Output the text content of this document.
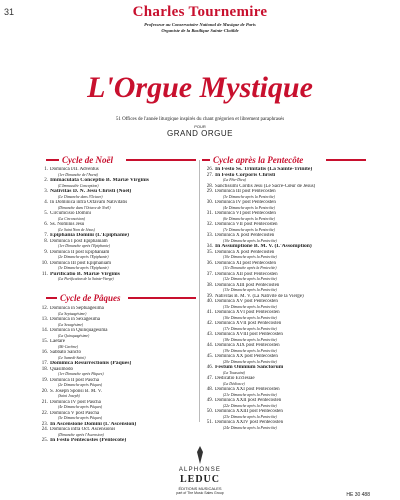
31	Charles Tournemire
Professeur au Conservatoire National de Musique de Paris
Organiste de la Basilique Sainte-Clotilde
L'Orgue Mystique
51 Offices de l'année liturgique inspirés du chant grégorien et librement paraphrasés
POUR
GRAND ORGUE
Cycle de Noël
1. Dominica I/II. Adventus
(1er Dimanche de l'Avent)
2. Immaculata Conceptio B. Mariæ Virginis
(L'Immaculée Conception)
3. Nativitas D. N. Jesu Christi (Noël)
(Le Dimanche dans l'Octave)
4. In Dominica infra Octavam Nativitatis
(Dimanche dans l'Octave de Noël)
5. Circumcisio Domini
(La Circoncision)
6. Ss. Nominis Jesu
(Le Saint Nom de Jésus)
7. Epiphania Domini (L'Epiphanie)
8. Dominica I post Epiphaniam
(1er Dimanche après l'Epiphanie)
9. Dominica II post Epiphaniam
(2e Dimanche après l'Epiphanie)
10. Dominica III post Epiphaniam
(3e Dimanche après l'Epiphanie)
11. Purificatio B. Mariæ Virginis
(La Purification de la Sainte-Vierge)
Cycle de Pâques
12. Dominica in Septuagesima
(La Septuagésime)
13. Dominica in Sexagesima
(La Sexagésime)
14. Dominica in Quinquagesima
(La Quinquagésime)
15. Laetare
(Mi-Carême)
16. Sabbato Sancto
(Le Samedi-Saint)
17. Dominica Resurrectionis (Pâques)
18. Quasimodo
(1er Dimanche après Pâques)
19. Dominica II post Pascha
(2e Dimanche après Pâques)
20. S. Joseph Sponsi B. M. V.
(Saint Joseph)
21. Dominica IV post Pascha
(4e Dimanche après Pâques)
22. Dominica V post Pascha
(5e Dimanche après Pâques)
23. In Ascensione Domini (L'Ascension)
24. Dominica infra Oct. Ascensionis
(Dimanche après l'Ascension)
25. In Festo Pentecostes (Pentecôte)
Cycle après la Pentecôte
26. In Festo Ss. Trinitatis (La Sainte-Trinité)
27. In Festo Corporis Christi
(La Fête-Dieu)
28. Sanctissimi Cordis Jesu (Le Sacré-Cœur de Jésus)
29. Dominica III post Pentecosten
(3e Dimanche après la Pentecôte)
30. Dominica IV post Pentecosten
(4e Dimanche après la Pentecôte)
31. Dominica VI post Pentecosten
(6e Dimanche après la Pentecôte)
32. Dominica VII post Pentecosten
(7e Dimanche après la Pentecôte)
33. Dominica X post Pentecosten
(10e Dimanche après la Pentecôte)
34. In Assumptione B. M. V. (L'Assomption)
35. Dominica X post Pentecosten
(10e Dimanche après la Pentecôte)
36. Dominica XI post Pentecosten
(11e Dimanche après la Pentecôte)
37. Dominica XII post Pentecosten
(12e Dimanche après la Pentecôte)
38. Dominica XIII post Pentecosten
(13e Dimanche après la Pentecôte)
39. Nativitas B. M. V. (La Nativité de la Vierge)
40. Dominica XV post Pentecosten
(15e Dimanche après la Pentecôte)
41. Dominica XVI post Pentecosten
(16e Dimanche après la Pentecôte)
42. Dominica XVII post Pentecosten
(17e Dimanche après la Pentecôte)
43. Dominica XVIII post Pentecosten
(18e Dimanche après la Pentecôte)
44. Dominica XIX post Pentecosten
(19e Dimanche après la Pentecôte)
45. Dominica XX post Pentecosten
(20e Dimanche après la Pentecôte)
46. Festum Omnium Sanctorum
(La Toussaint)
47. Dedicatio Ecclesiae
(La Dédicace)
48. Dominica XXI post Pentecosten
(21e Dimanche après la Pentecôte)
49. Dominica XXII post Pentecosten
(22e Dimanche après la Pentecôte)
50. Dominica XXIII post Pentecosten
(23e Dimanche après la Pentecôte)
51. Dominica XXIV post Pentecosten
(24e Dimanche après la Pentecôte)
ALPHONSE
LEDUC
ÉDITIONS MUSICALES
part of The Music Sales Group	HE 30 488
